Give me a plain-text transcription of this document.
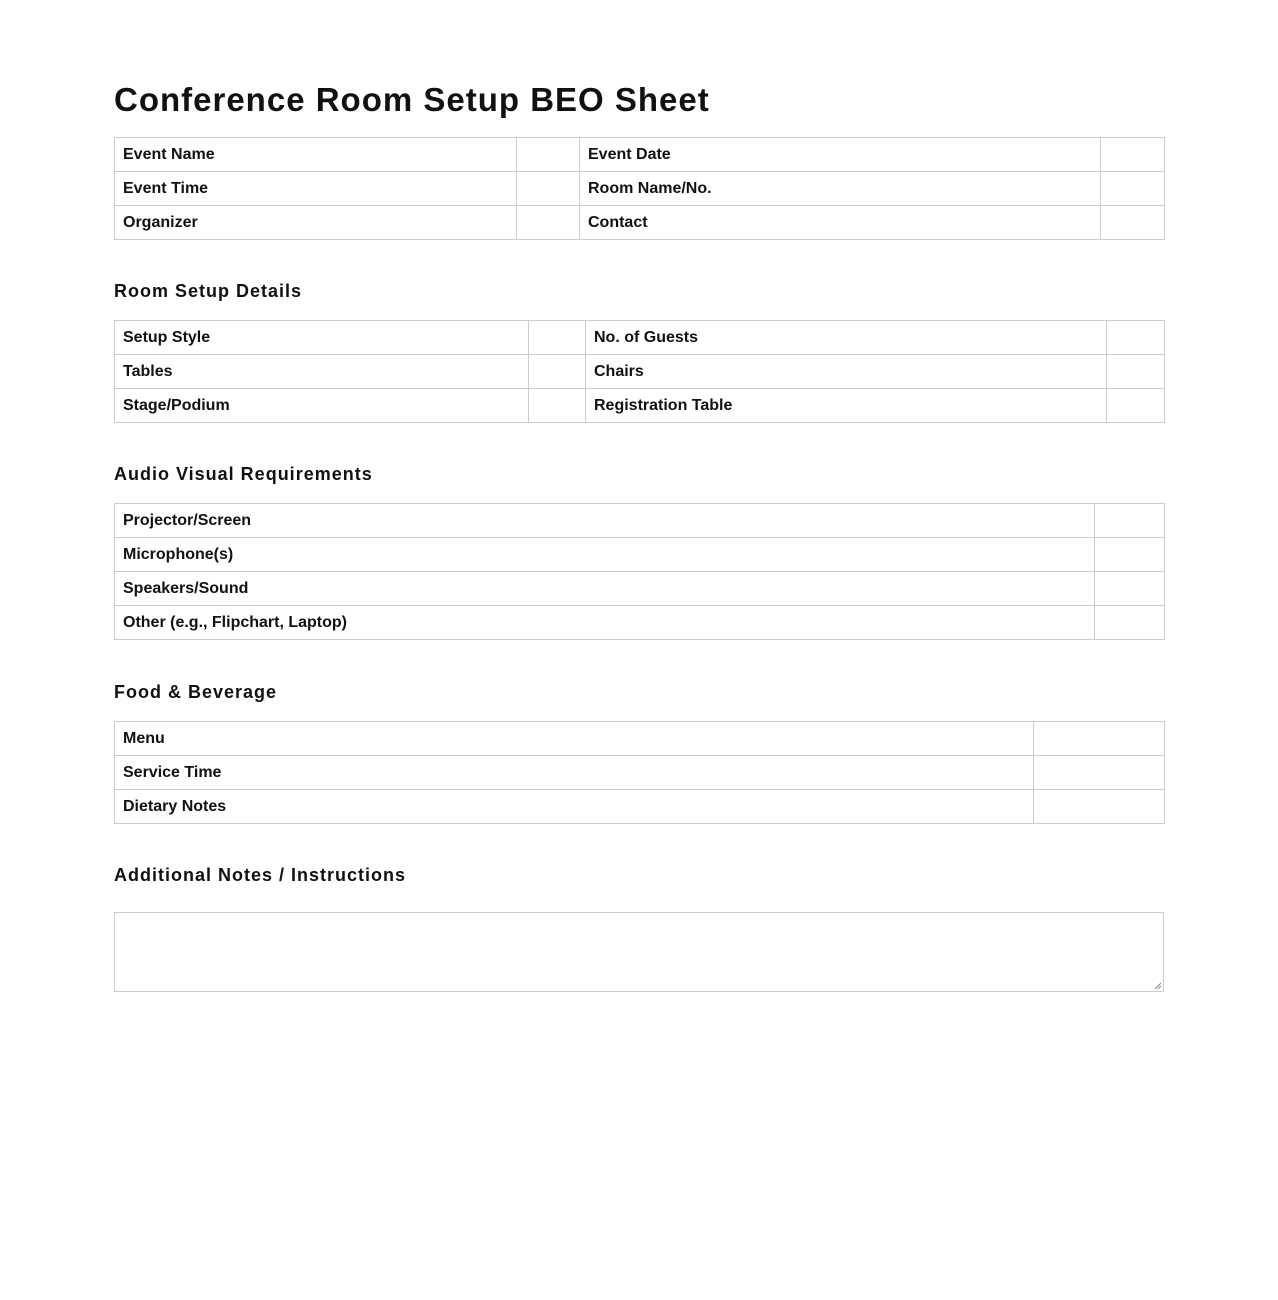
Conference Room Setup BEO Sheet
Event Name		Event Date	
Event Time		Room Name/No.	
Organizer		Contact	
Room Setup Details
Setup Style		No. of Guests	
Tables		Chairs	
Stage/Podium		Registration Table	
Audio Visual Requirements
Projector/Screen	
Microphone(s)	
Speakers/Sound	
Other (e.g., Flipchart, Laptop)	
Food & Beverage
Menu	
Service Time	
Dietary Notes	
Additional Notes / Instructions
